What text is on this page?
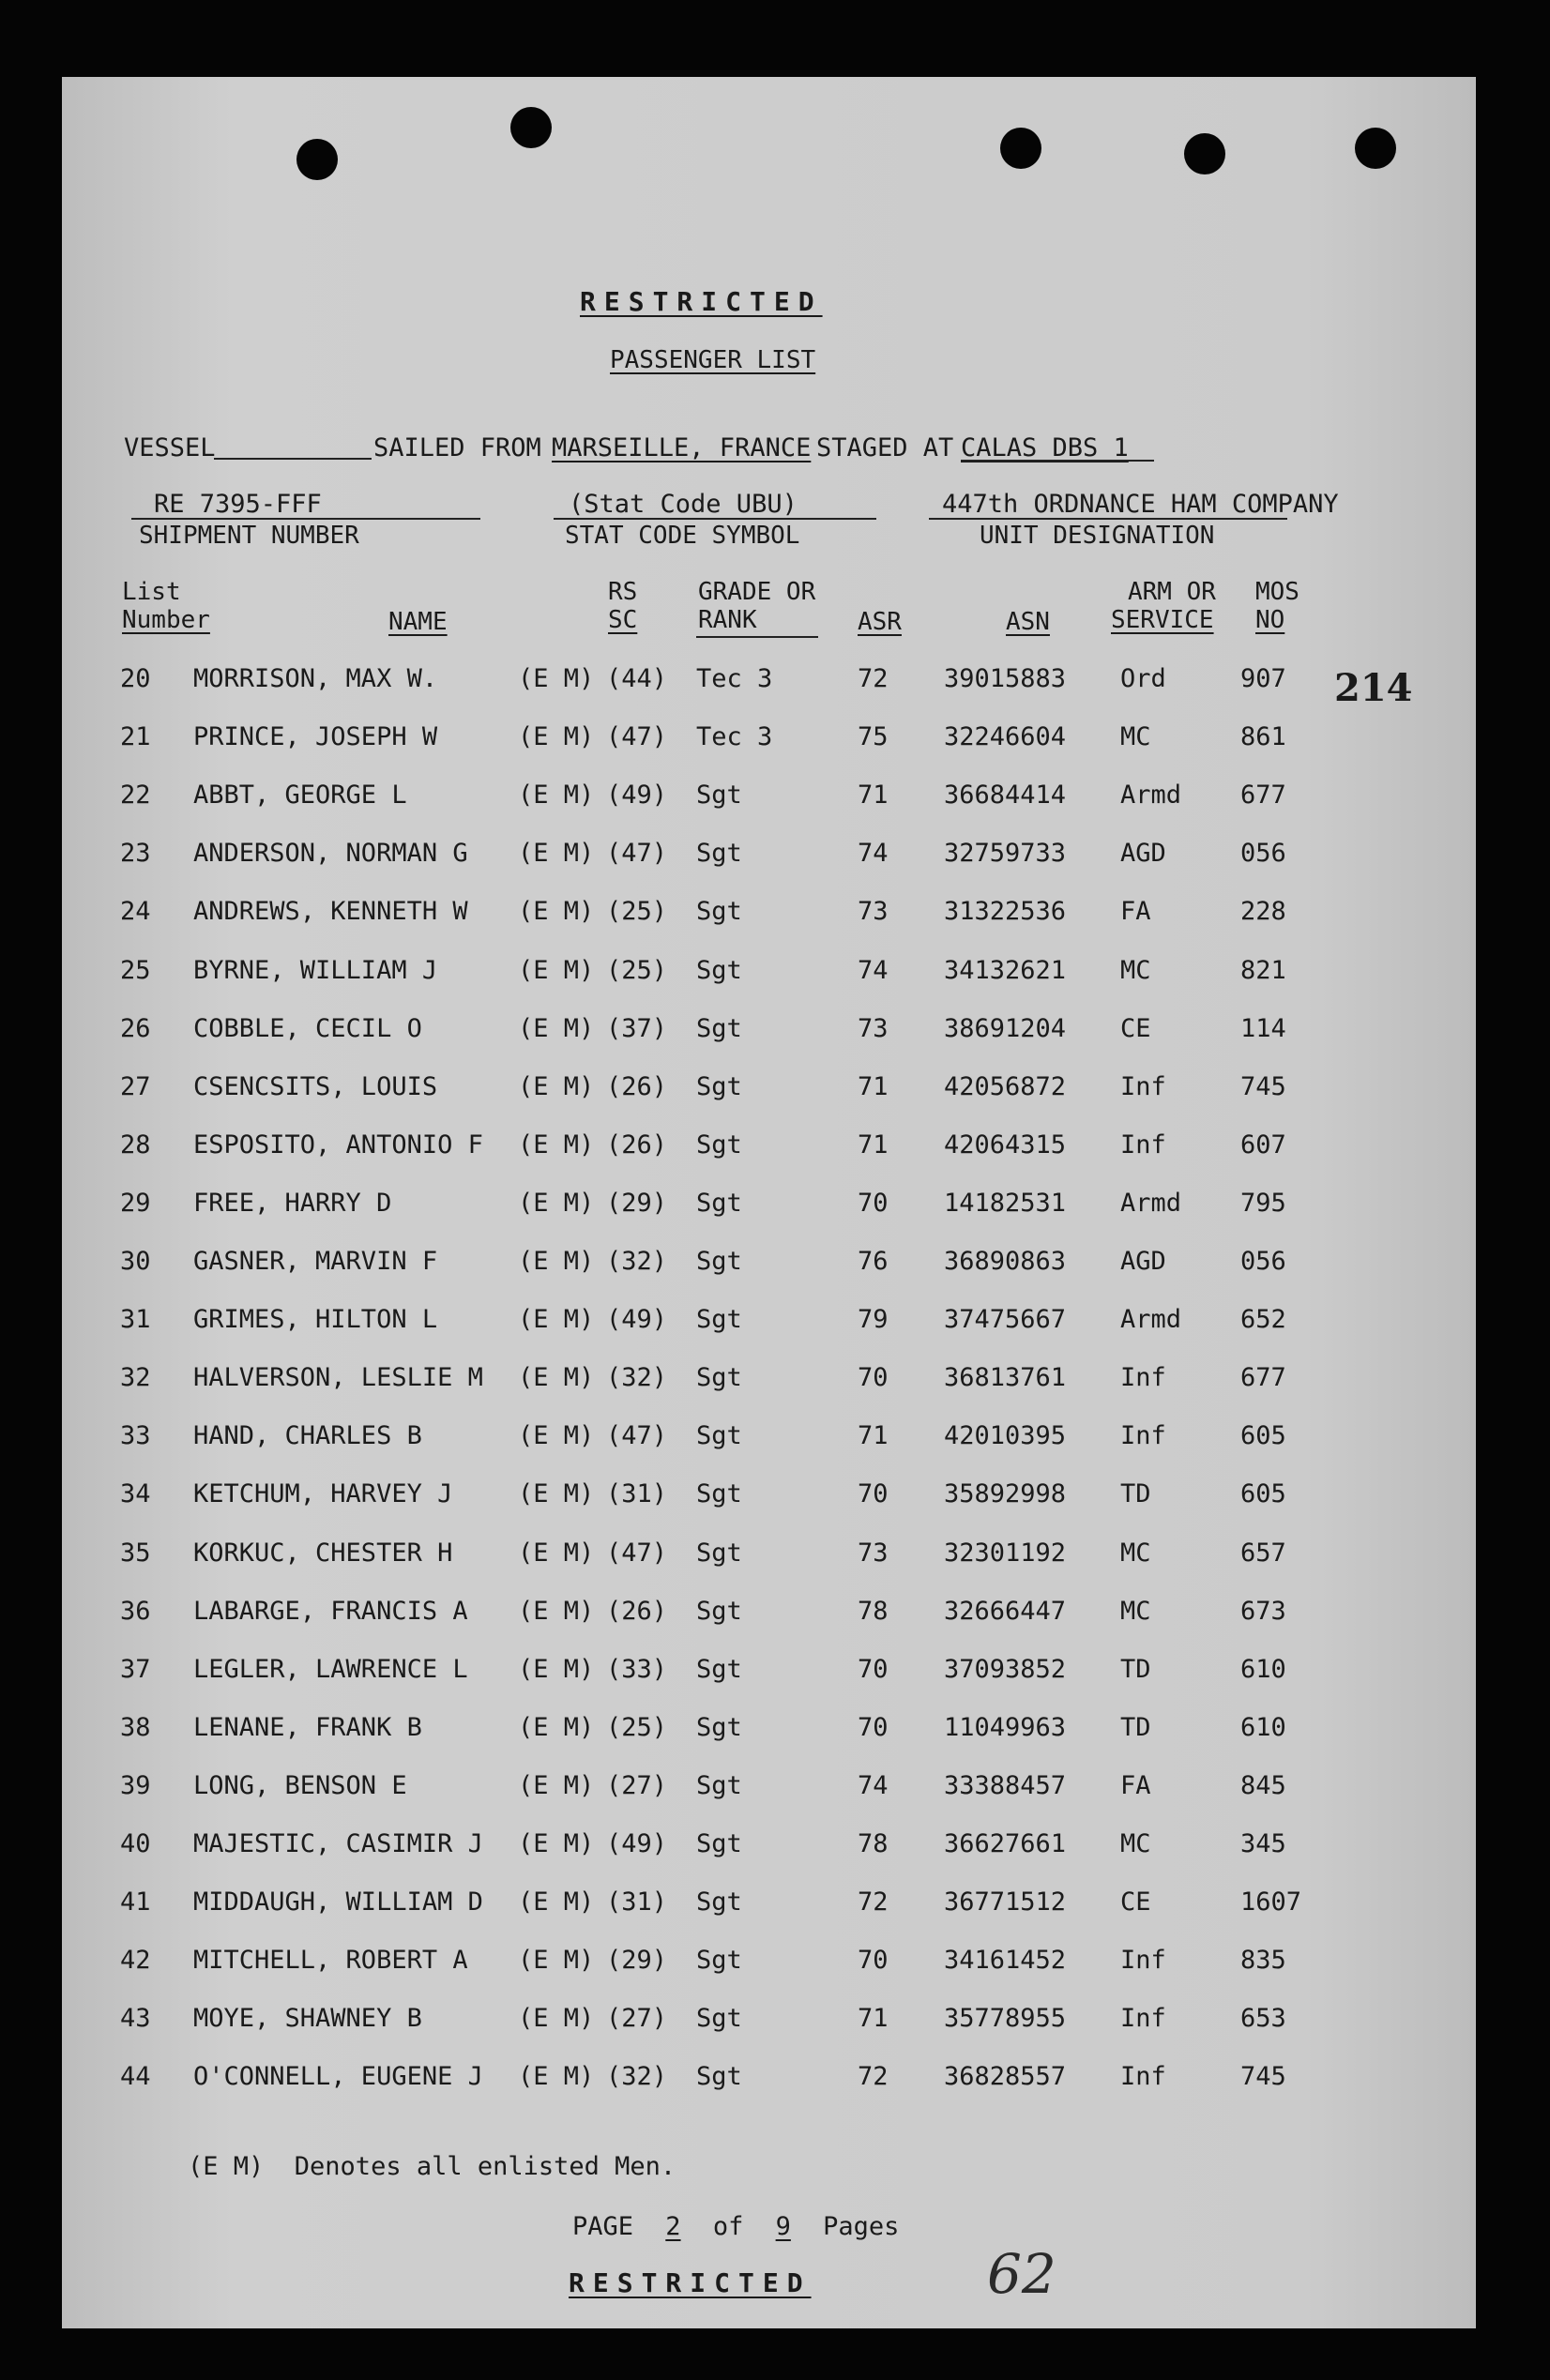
RESTRICTED
PASSENGER LIST
VESSEL	SAILED FROM MARSEILLE, FRANCE STAGED AT CALAS DBS 1
RE 7395-FFF
SHIPMENT NUMBER
(Stat Code UBU)
STAT CODE SYMBOL
447th ORDNANCE HAM COMPANY
UNIT DESIGNATION
List
Number	NAME
RS
SC
GRADE OR
RANK	ASR	ASN
ARM OR
SERVICE
MOS
NO
20 MORRISON, MAX W.	(E M) (44) Tec 3	72 39015883 Ord	907
21 PRINCE, JOSEPH W	(E M) (47) Tec 3	75 32246604 MC	861
22 ABBT, GEORGE L	(E M) (49) Sgt	71 36684414 Armd 677
23 ANDERSON, NORMAN G (E M) (47) Sgt	74 32759733 AGD	056
24 ANDREWS, KENNETH W (E M) (25) Sgt	73 31322536 FA	228
25 BYRNE, WILLIAM J	(E M) (25) Sgt	74 34132621 MC	821
26 COBBLE, CECIL O	(E M) (37) Sgt	73 38691204 CE	114
27 CSENCSITS, LOUIS	(E M) (26) Sgt	71 42056872 Inf	745
28 ESPOSITO, ANTONIO F (E M) (26) Sgt	71 42064315 Inf	607
29 FREE, HARRY D	(E M) (29) Sgt	70 14182531 Armd 795
30 GASNER, MARVIN F	(E M) (32) Sgt	76 36890863 AGD	056
31 GRIMES, HILTON L	(E M) (49) Sgt	79 37475667 Armd 652
32 HALVERSON, LESLIE M (E M) (32) Sgt	70 36813761 Inf	677
33 HAND, CHARLES B	(E M) (47) Sgt	71 42010395 Inf	605
34 KETCHUM, HARVEY J	(E M) (31) Sgt	70 35892998 TD	605
35 KORKUC, CHESTER H	(E M) (47) Sgt	73 32301192 MC	657
36 LABARGE, FRANCIS A (E M) (26) Sgt	78 32666447 MC	673
37 LEGLER, LAWRENCE L (E M) (33) Sgt	70 37093852 TD	610
38 LENANE, FRANK B	(E M) (25) Sgt	70 11049963 TD	610
39 LONG, BENSON E	(E M) (27) Sgt	74 33388457 FA	845
40 MAJESTIC, CASIMIR J (E M) (49) Sgt	78 36627661 MC	345
41 MIDDAUGH, WILLIAM D (E M) (31) Sgt	72 36771512 CE	1607
42 MITCHELL, ROBERT A (E M) (29) Sgt	70 34161452 Inf	835
43 MOYE, SHAWNEY B	(E M) (27) Sgt	71 35778955 Inf	653
44 O'CONNELL, EUGENE J (E M) (32) Sgt	72 36828557 Inf	745
214
(E M)  Denotes all enlisted Men.
PAGE 2 of 9 Pages
RESTRICTED	62
